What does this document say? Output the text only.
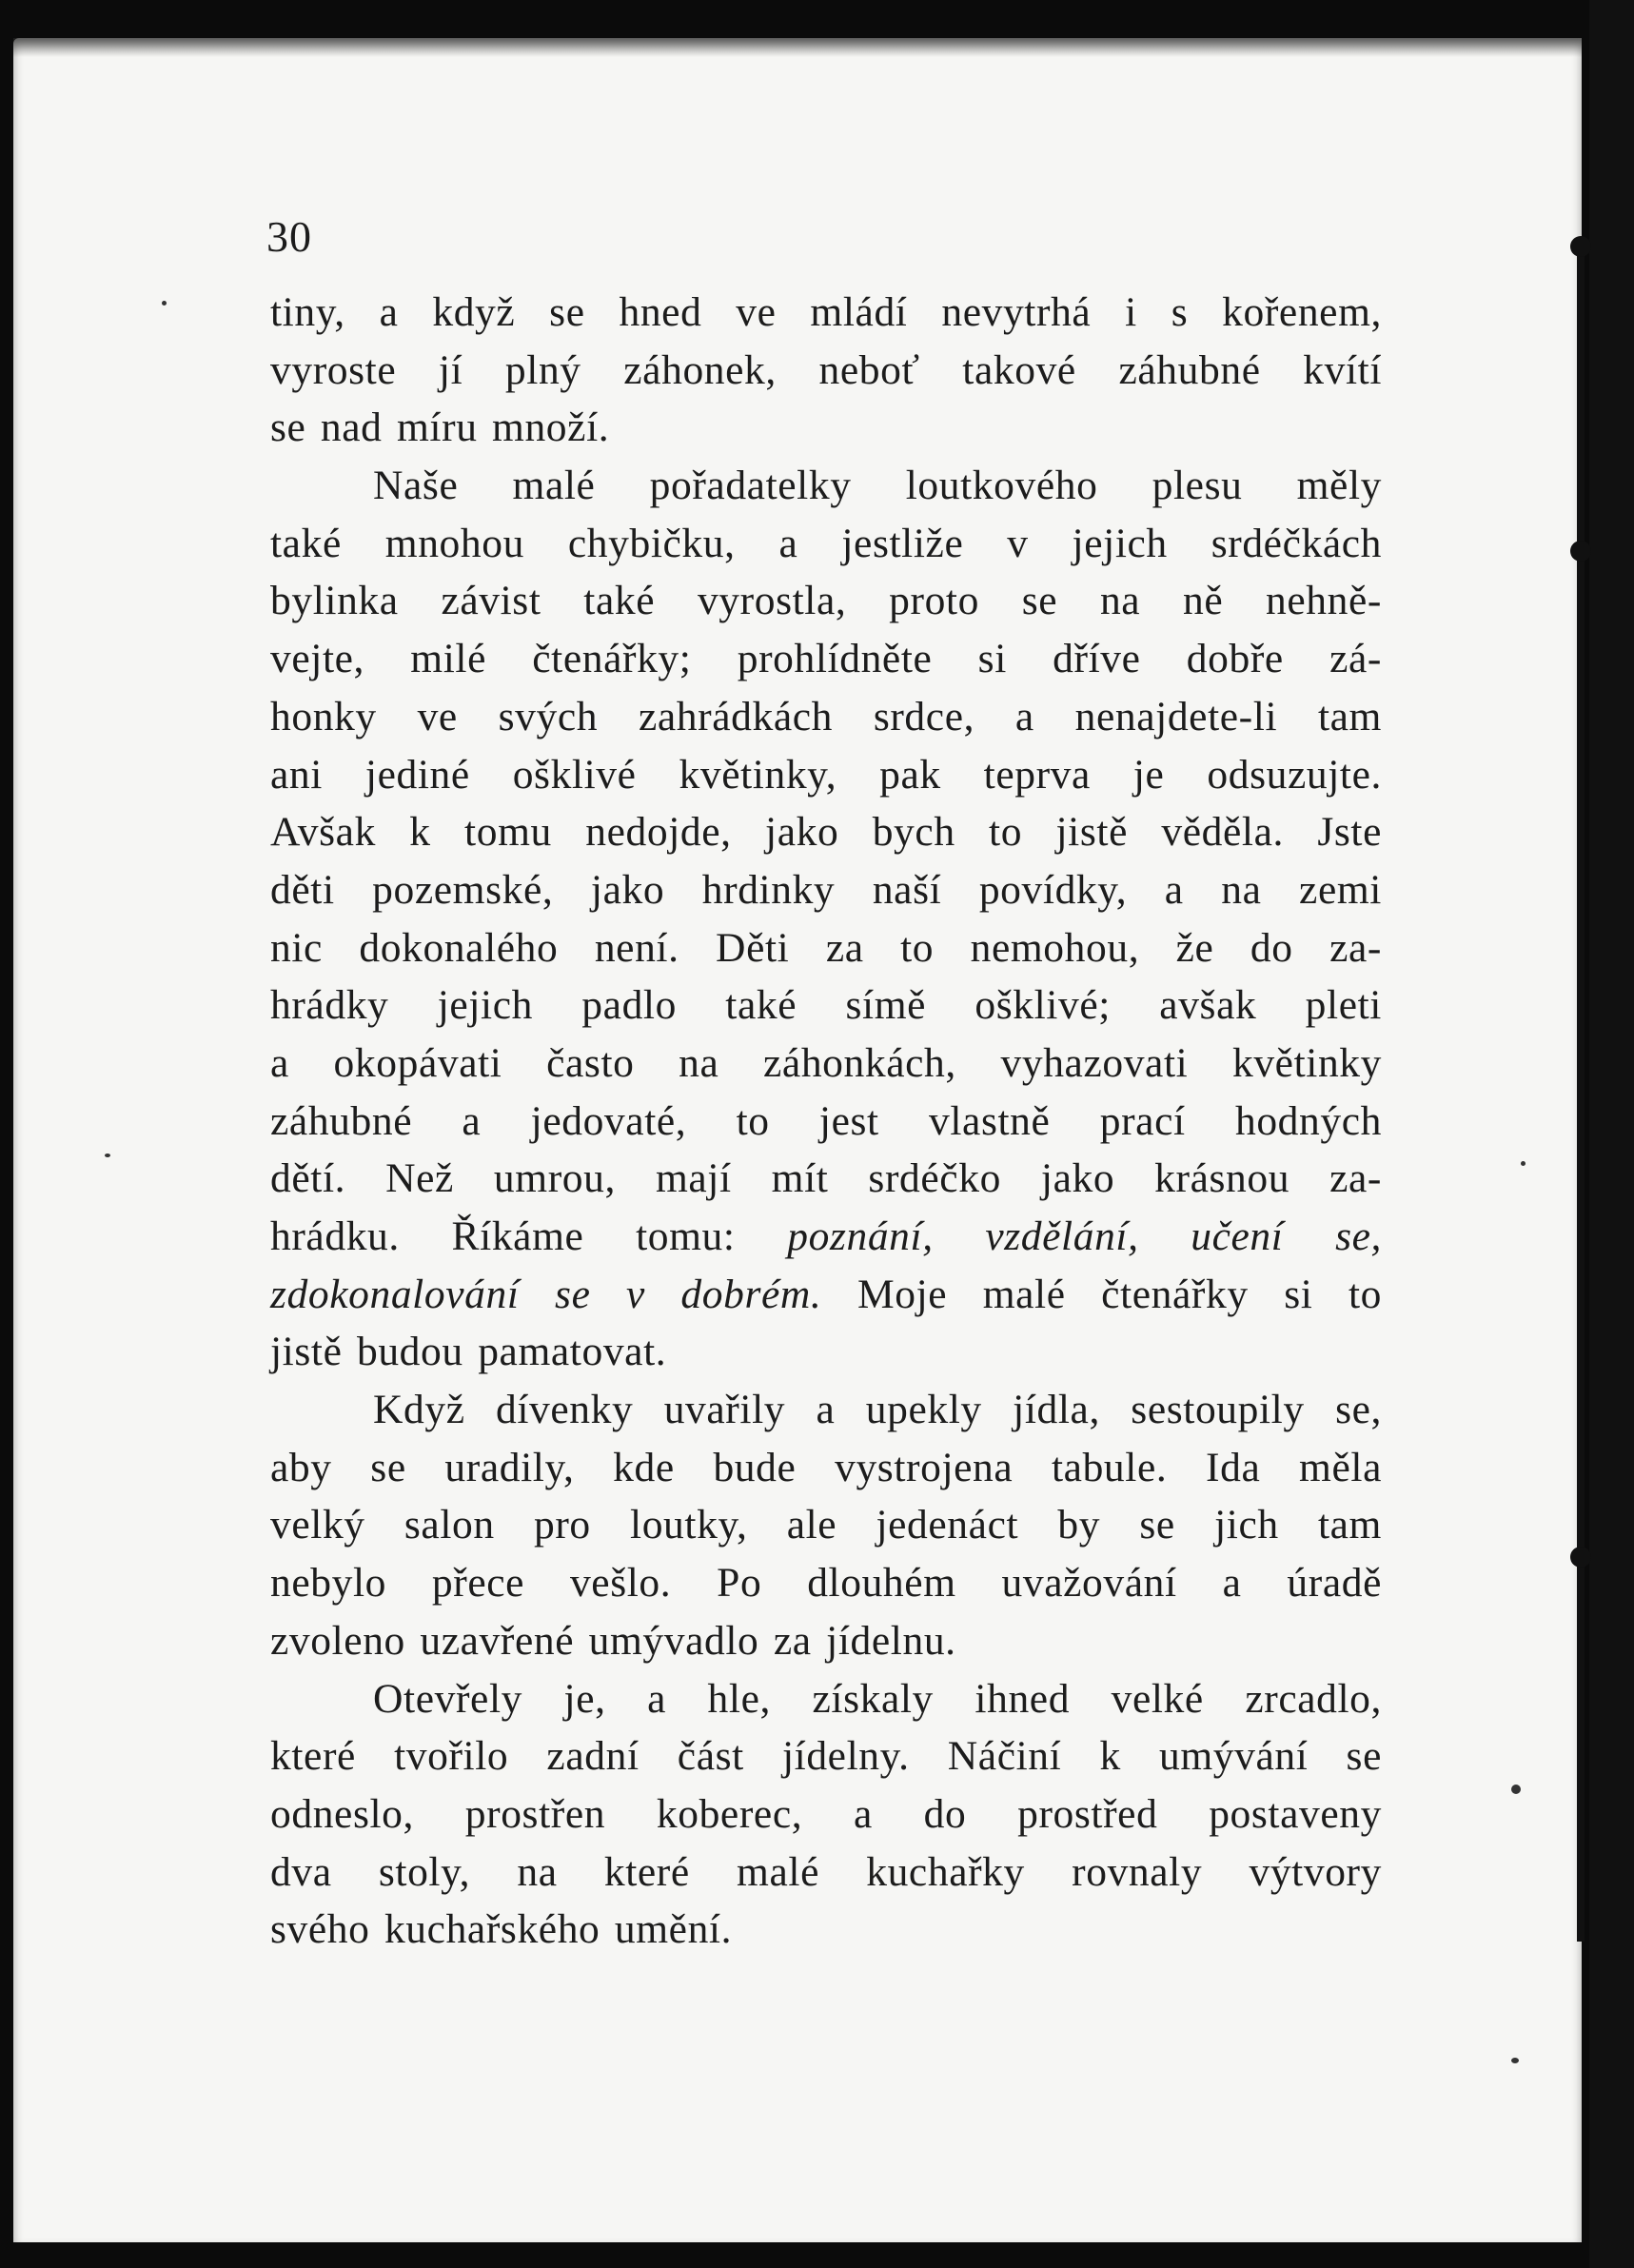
30
tiny, a když se hned ve mládí nevytrhá i s kořenem,
vyroste jí plný záhonek, neboť takové záhubné kvítí
se nad míru množí.
Naše malé pořadatelky loutkového plesu měly
také mnohou chybičku, a jestliže v jejich srdéčkách
bylinka závist také vyrostla, proto se na ně nehně-
vejte, milé čtenářky; prohlídněte si dříve dobře zá-
honky ve svých zahrádkách srdce, a nenajdete-li tam
ani jediné ošklivé květinky, pak teprva je odsuzujte.
Avšak k tomu nedojde, jako bych to jistě věděla. Jste
děti pozemské, jako hrdinky naší povídky, a na zemi
nic dokonalého není. Děti za to nemohou, že do za-
hrádky jejich padlo také símě ošklivé; avšak pleti
a okopávati často na záhonkách, vyhazovati květinky
záhubné a jedovaté, to jest vlastně prací hodných
dětí. Než umrou, mají mít srdéčko jako krásnou za-
hrádku. Říkáme tomu: poznání, vzdělání, učení se,
zdokonalování se v dobrém. Moje malé čtenářky si to
jistě budou pamatovat.
Když dívenky uvařily a upekly jídla, sestoupily se,
aby se uradily, kde bude vystrojena tabule. Ida měla
velký salon pro loutky, ale jedenáct by se jich tam
nebylo přece vešlo. Po dlouhém uvažování a úradě
zvoleno uzavřené umývadlo za jídelnu.
Otevřely je, a hle, získaly ihned velké zrcadlo,
které tvořilo zadní část jídelny. Náčiní k umývání se
odneslo, prostřen koberec, a do prostřed postaveny
dva stoly, na které malé kuchařky rovnaly výtvory
svého kuchařského umění.
